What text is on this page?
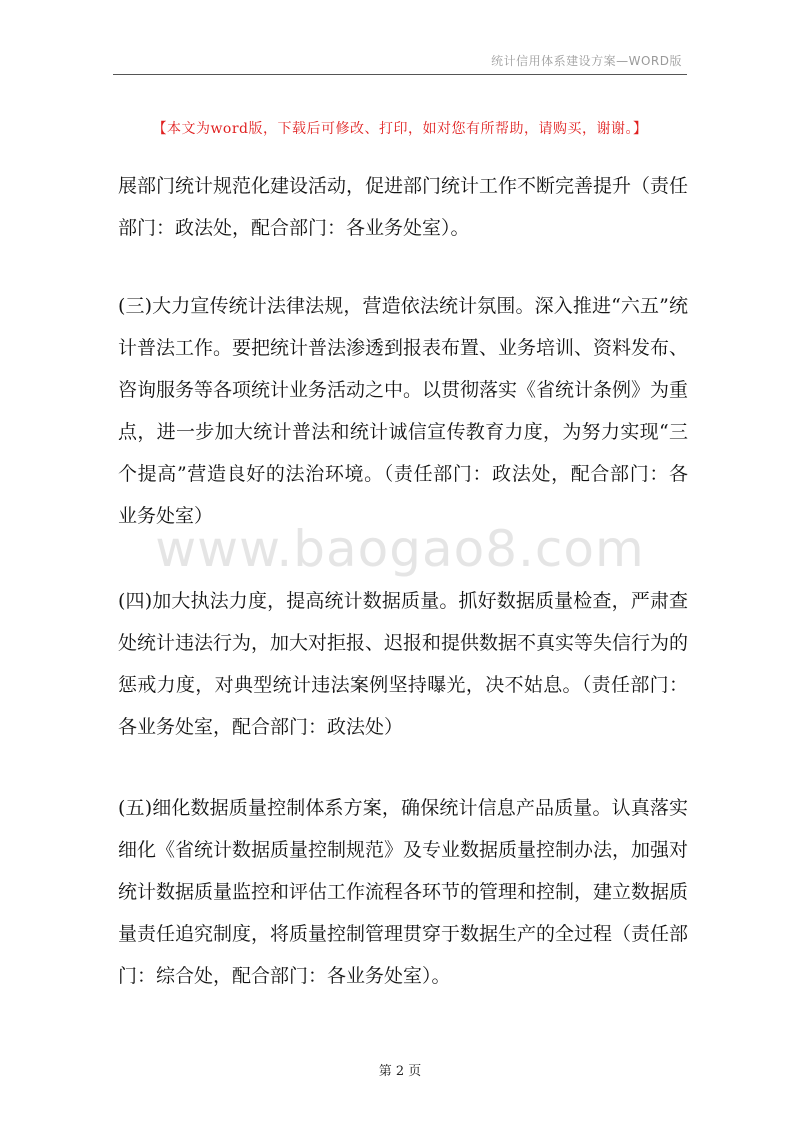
统计信用体系建设方案—WORD版
【本文为word版，下载后可修改、打印，如对您有所帮助，请购买，谢谢。】
www.baogao8.com
展部门统计规范化建设活动，促进部门统计工作不断完善提升（责任部门：政法处，配合部门：各业务处室）。
(三)大力宣传统计法律法规，营造依法统计氛围。深入推进“六五”统计普法工作。要把统计普法渗透到报表布置、业务培训、资料发布、咨询服务等各项统计业务活动之中。以贯彻落实《省统计条例》为重点，进一步加大统计普法和统计诚信宣传教育力度，为努力实现“三个提高”营造良好的法治环境。（责任部门：政法处，配合部门：各业务处室）
(四)加大执法力度，提高统计数据质量。抓好数据质量检查，严肃查处统计违法行为，加大对拒报、迟报和提供数据不真实等失信行为的惩戒力度，对典型统计违法案例坚持曝光，决不姑息。（责任部门：各业务处室，配合部门：政法处）
(五)细化数据质量控制体系方案，确保统计信息产品质量。认真落实细化《省统计数据质量控制规范》及专业数据质量控制办法，加强对统计数据质量监控和评估工作流程各环节的管理和控制，建立数据质量责任追究制度，将质量控制管理贯穿于数据生产的全过程（责任部门：综合处，配合部门：各业务处室）。
第 2 页
